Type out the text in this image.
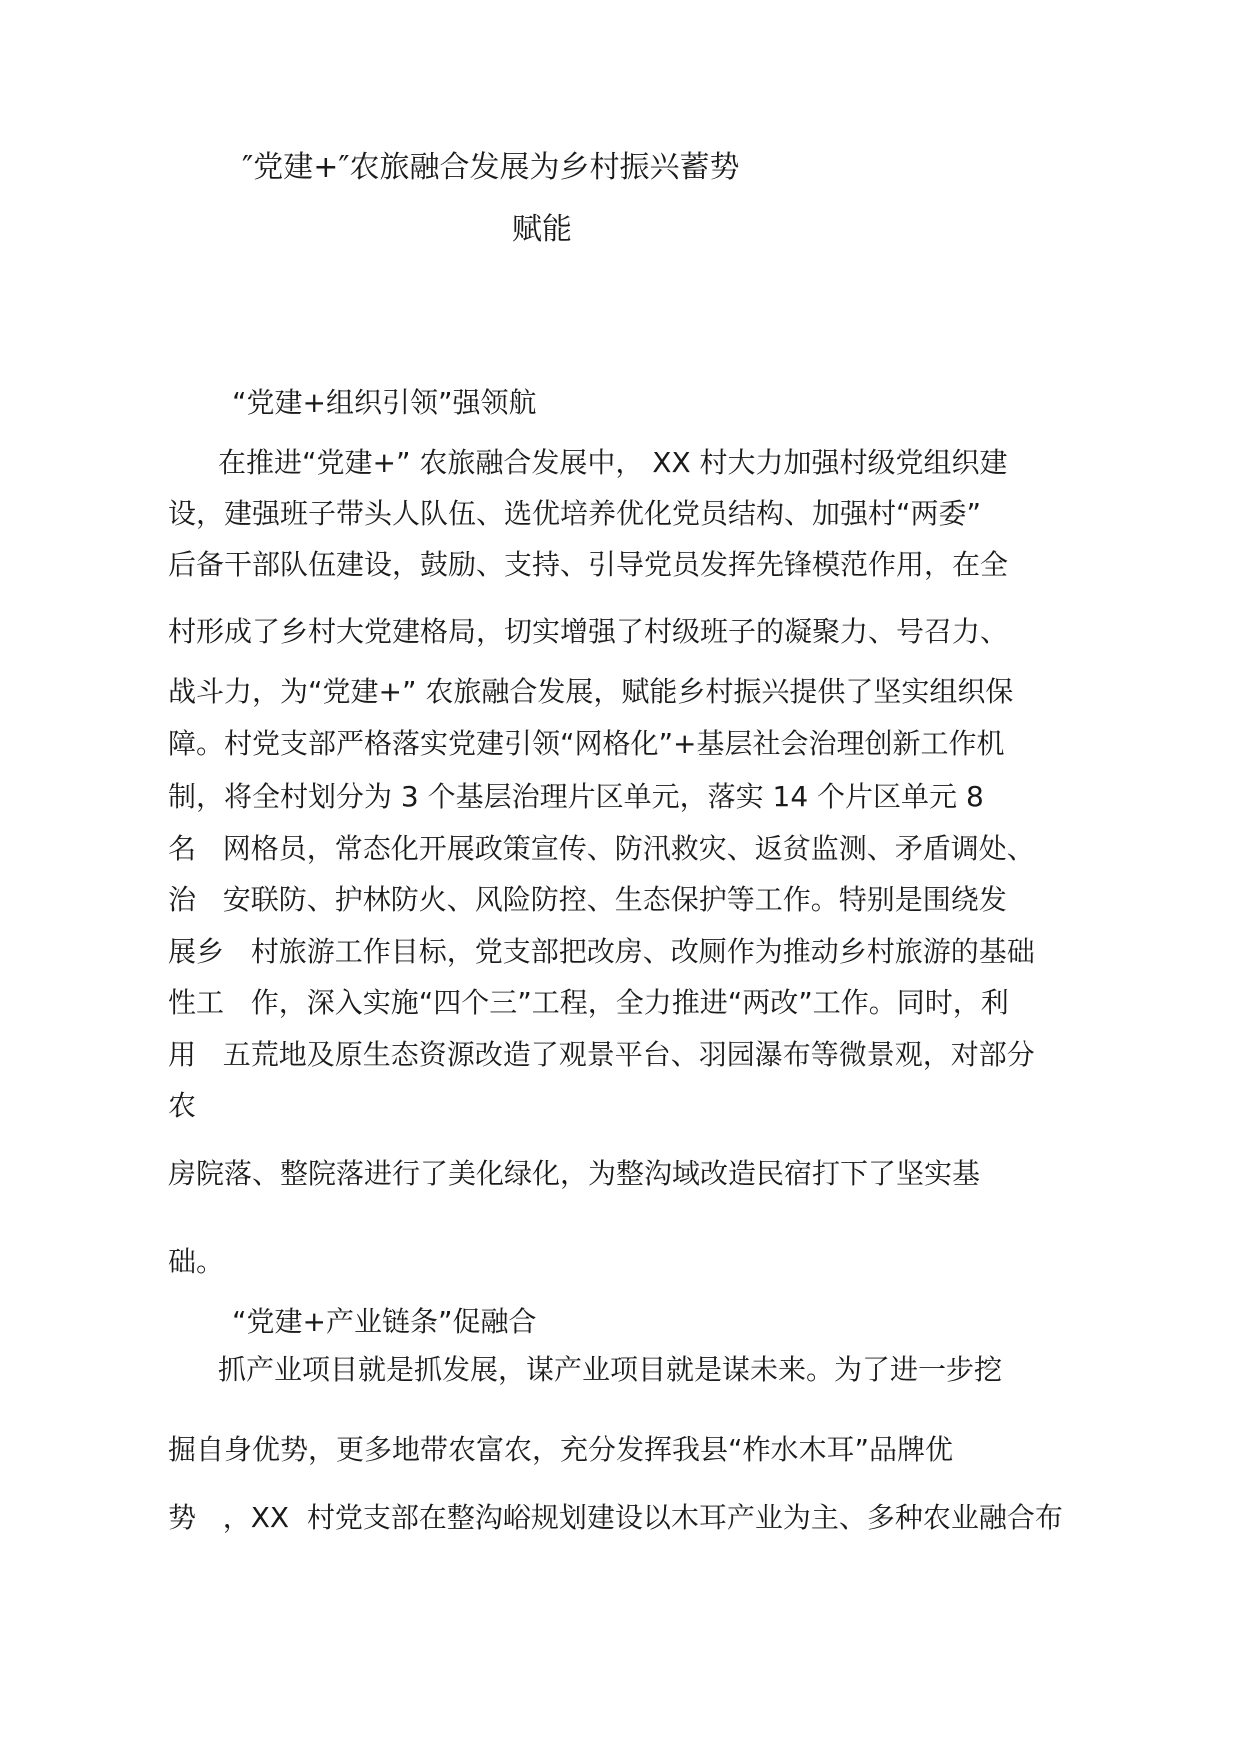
″党建+″农旅融合发展为乡村振兴蓄势
赋能
“党建+组织引领”强领航
在推进“党建+” 农旅融合发展中， XX 村大力加强村级党组织建
设，建强班子带头人队伍、选优培养优化党员结构、加强村“两委”
后备干部队伍建设，鼓励、支持、引导党员发挥先锋模范作用，在全
村形成了乡村大党建格局，切实增强了村级班子的凝聚力、号召力、
战斗力，为“党建+” 农旅融合发展，赋能乡村振兴提供了坚实组织保
障。村党支部严格落实党建引领“网格化”+基层社会治理创新工作机
制，将全村划分为 3 个基层治理片区单元，落实 14 个片区单元 8
名   网格员，常态化开展政策宣传、防汛救灾、返贫监测、矛盾调处、
治   安联防、护林防火、风险防控、生态保护等工作。特别是围绕发
展乡   村旅游工作目标，党支部把改房、改厕作为推动乡村旅游的基础
性工   作，深入实施“四个三”工程，全力推进“两改”工作。同时，利
用   五荒地及原生态资源改造了观景平台、羽园瀑布等微景观，对部分
农
房院落、整院落进行了美化绿化，为整沟域改造民宿打下了坚实基
础。
“党建+产业链条”促融合
抓产业项目就是抓发展，谋产业项目就是谋未来。为了进一步挖
掘自身优势，更多地带农富农，充分发挥我县“柞水木耳”品牌优
势   ，XX  村党支部在整沟峪规划建设以木耳产业为主、多种农业融合布
